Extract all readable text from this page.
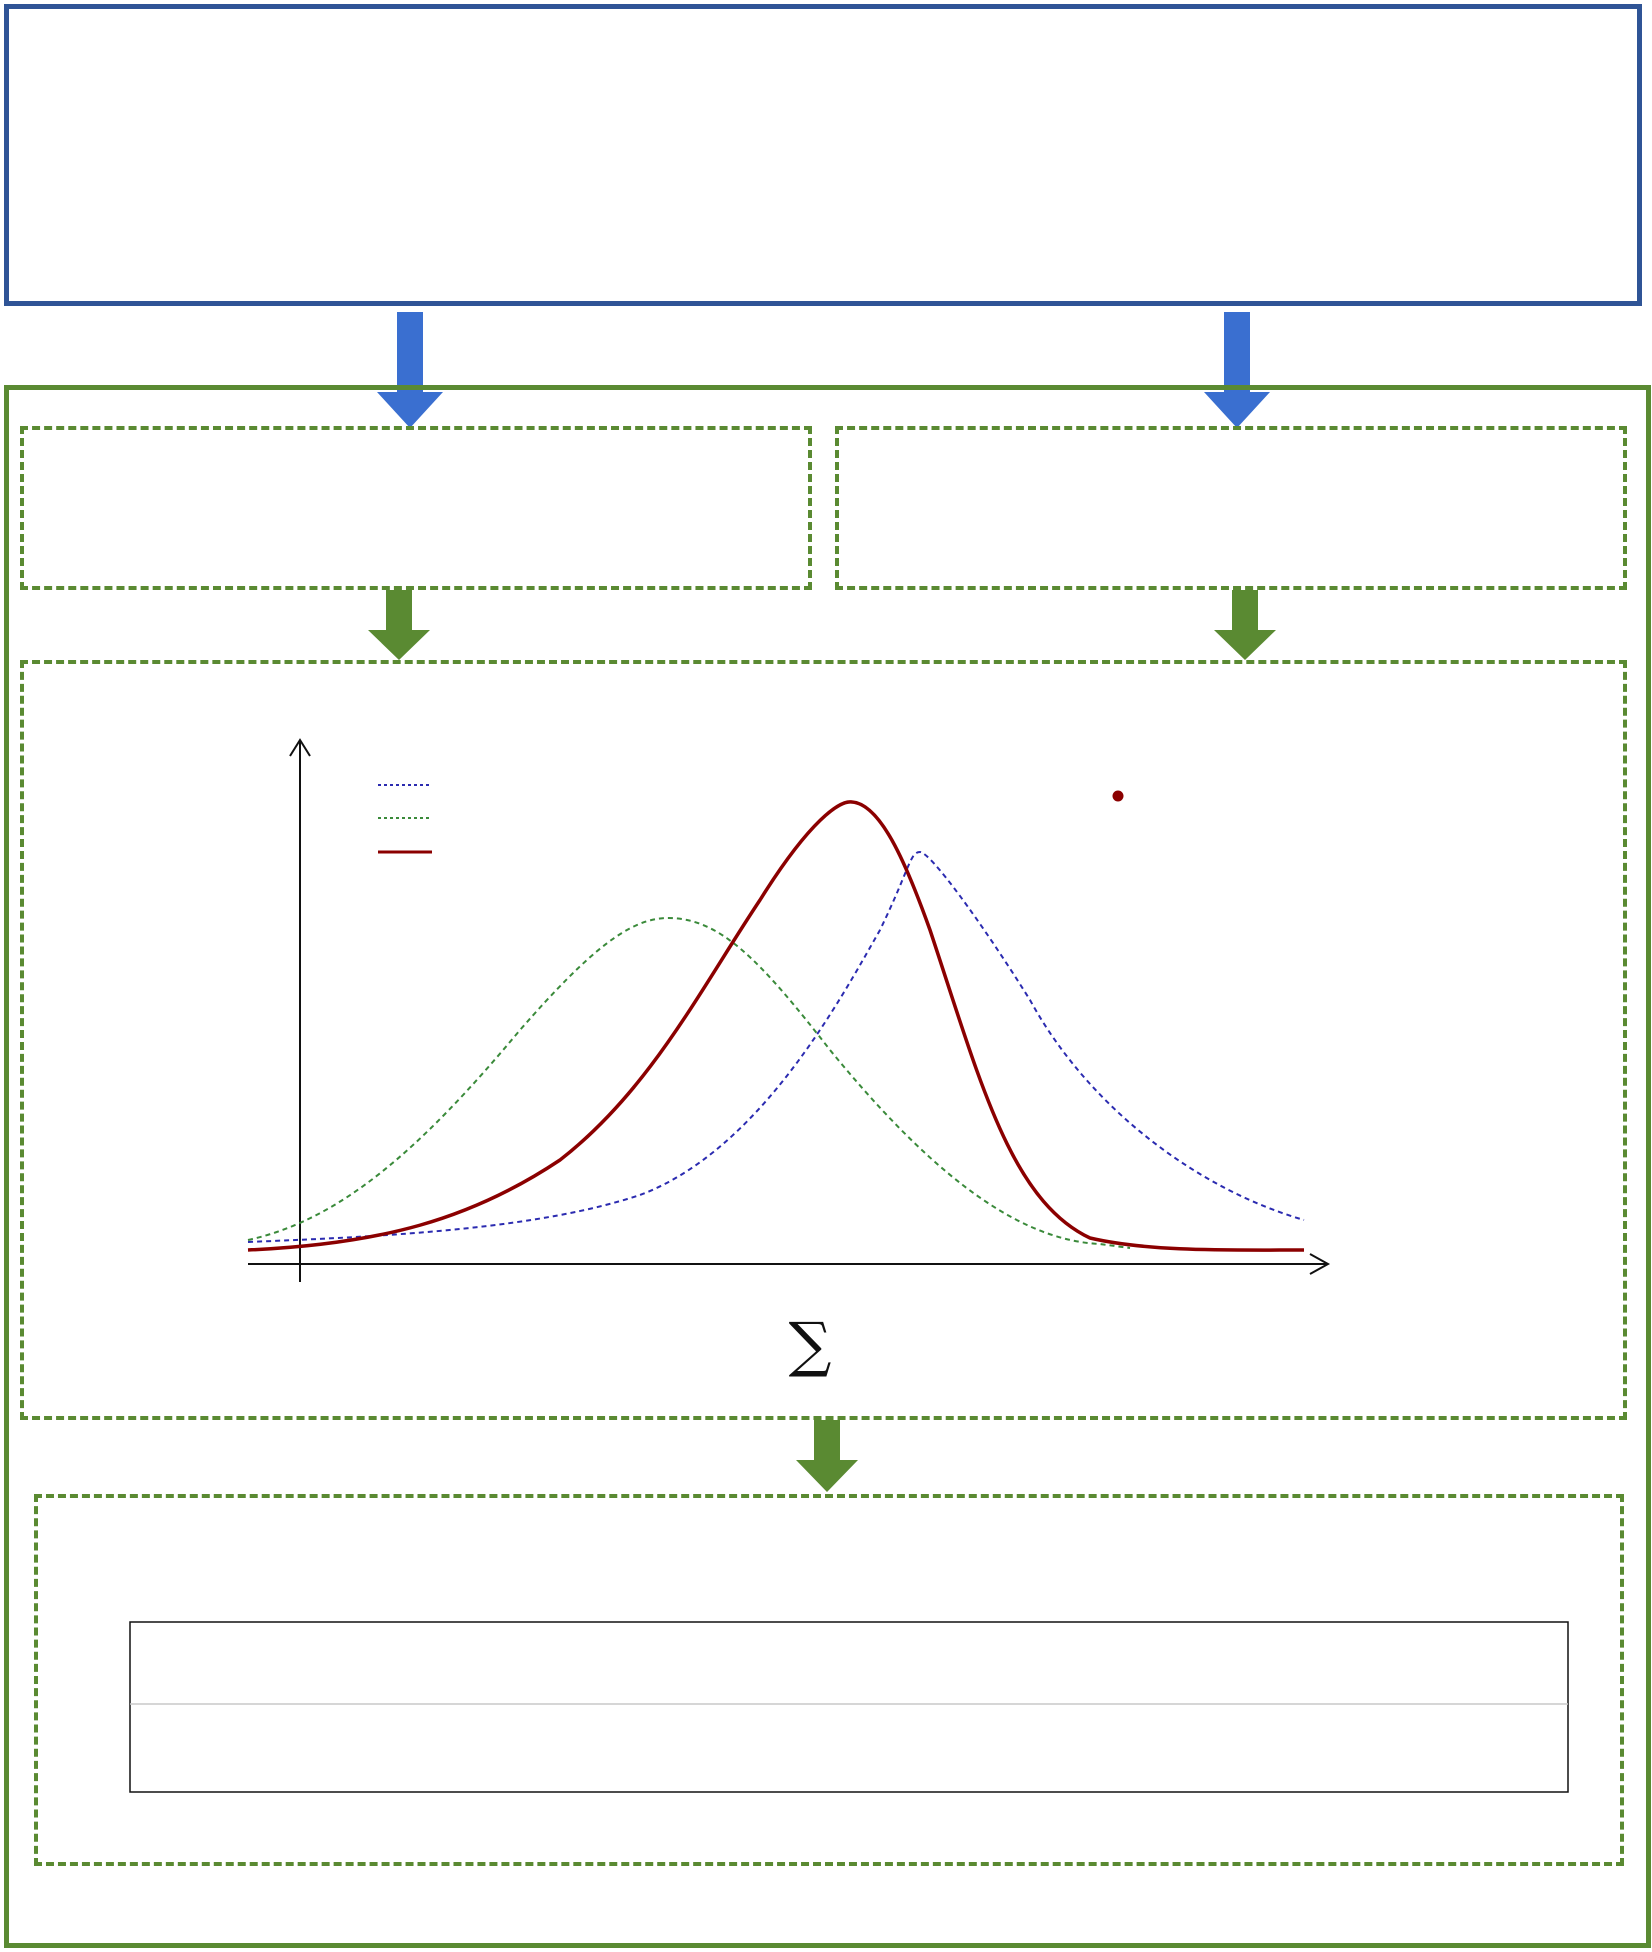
∑
